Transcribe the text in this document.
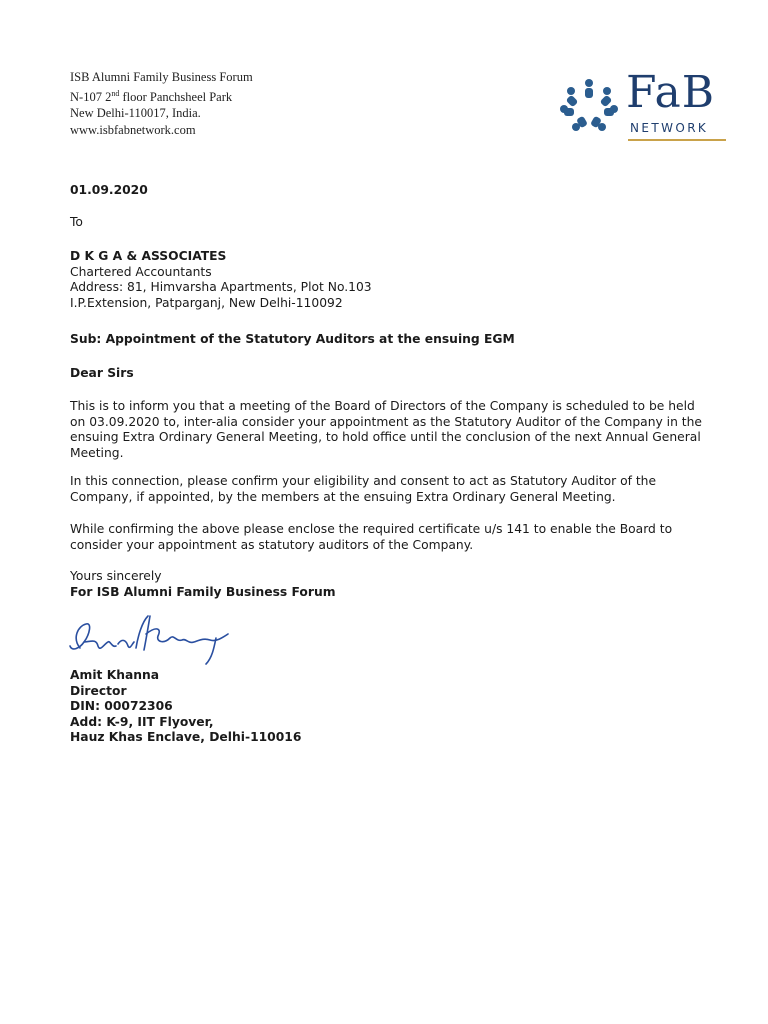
ISB Alumni Family Business Forum
N-107 2nd floor Panchsheel Park
New Delhi-110017, India.
www.isbfabnetwork.com
FaB
NETWORK
01.09.2020
To
D K G A & ASSOCIATES
Chartered Accountants
Address: 81, Himvarsha Apartments, Plot No.103
I.P.Extension, Patparganj, New Delhi-110092
Sub: Appointment of the Statutory Auditors at the ensuing EGM
Dear Sirs
This is to inform you that a meeting of the Board of Directors of the Company is scheduled to be held
on 03.09.2020 to, inter-alia consider your appointment as the Statutory Auditor of the Company in the
ensuing Extra Ordinary General Meeting, to hold office until the conclusion of the next Annual General
Meeting.
In this connection, please confirm your eligibility and consent to act as Statutory Auditor of the
Company, if appointed, by the members at the ensuing Extra Ordinary General Meeting.
While confirming the above please enclose the required certificate u/s 141 to enable the Board to
consider your appointment as statutory auditors of the Company.
Yours sincerely
For ISB Alumni Family Business Forum
Amit Khanna
Director
DIN: 00072306
Add: K-9, IIT Flyover,
Hauz Khas Enclave, Delhi-110016
